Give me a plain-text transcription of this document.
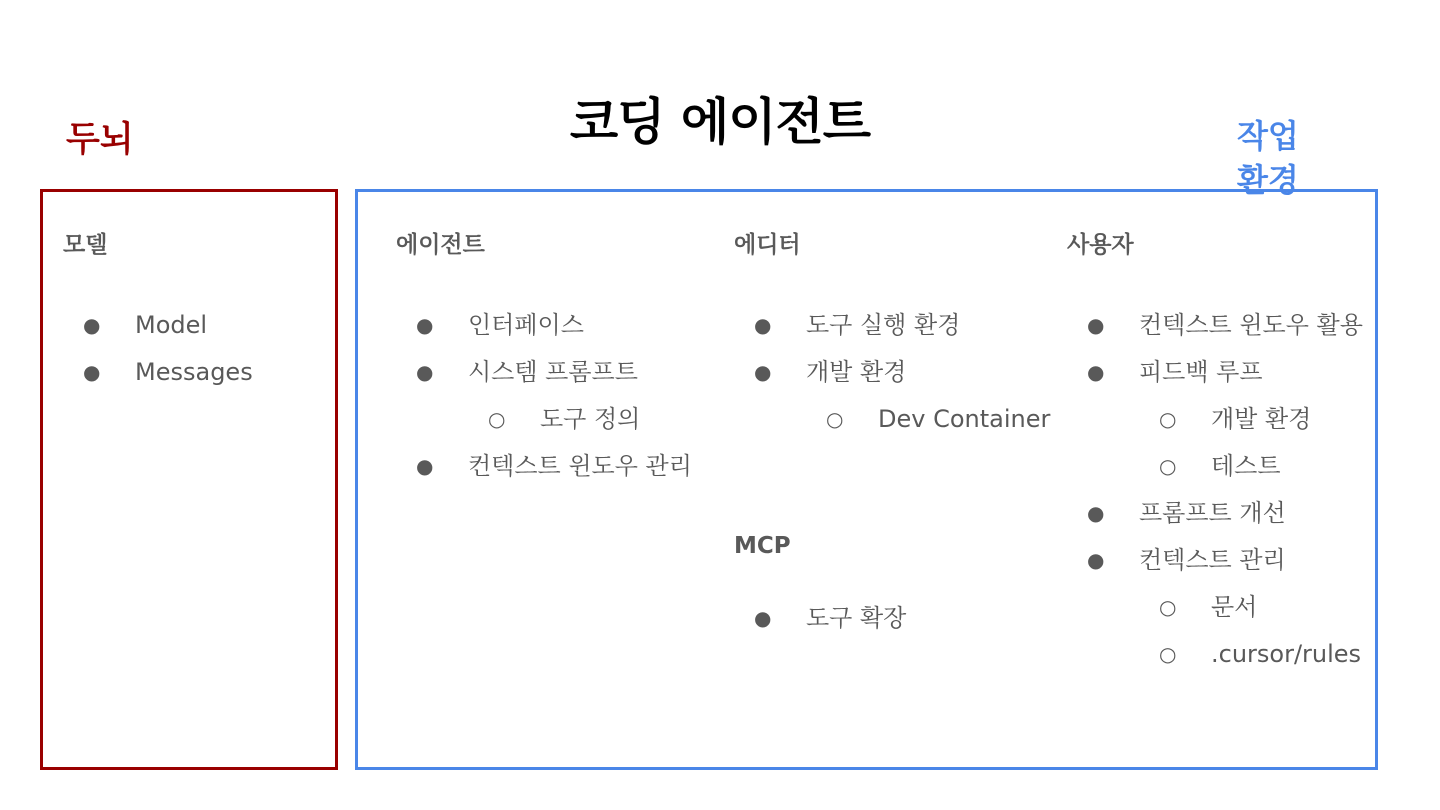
코딩 에이전트
두뇌	작업
환경
모델
● Model
● Messages
에이전트
● 인터페이스
● 시스템 프롬프트
○ 도구 정의
● 컨텍스트 윈도우 관리
에디터
● 도구 실행 환경
● 개발 환경
○ Dev Container
MCP
● 도구 확장
사용자
● 컨텍스트 윈도우 활용
● 피드백 루프
○ 개발 환경
○ 테스트
● 프롬프트 개선
● 컨텍스트 관리
○ 문서
○ .cursor/rules
